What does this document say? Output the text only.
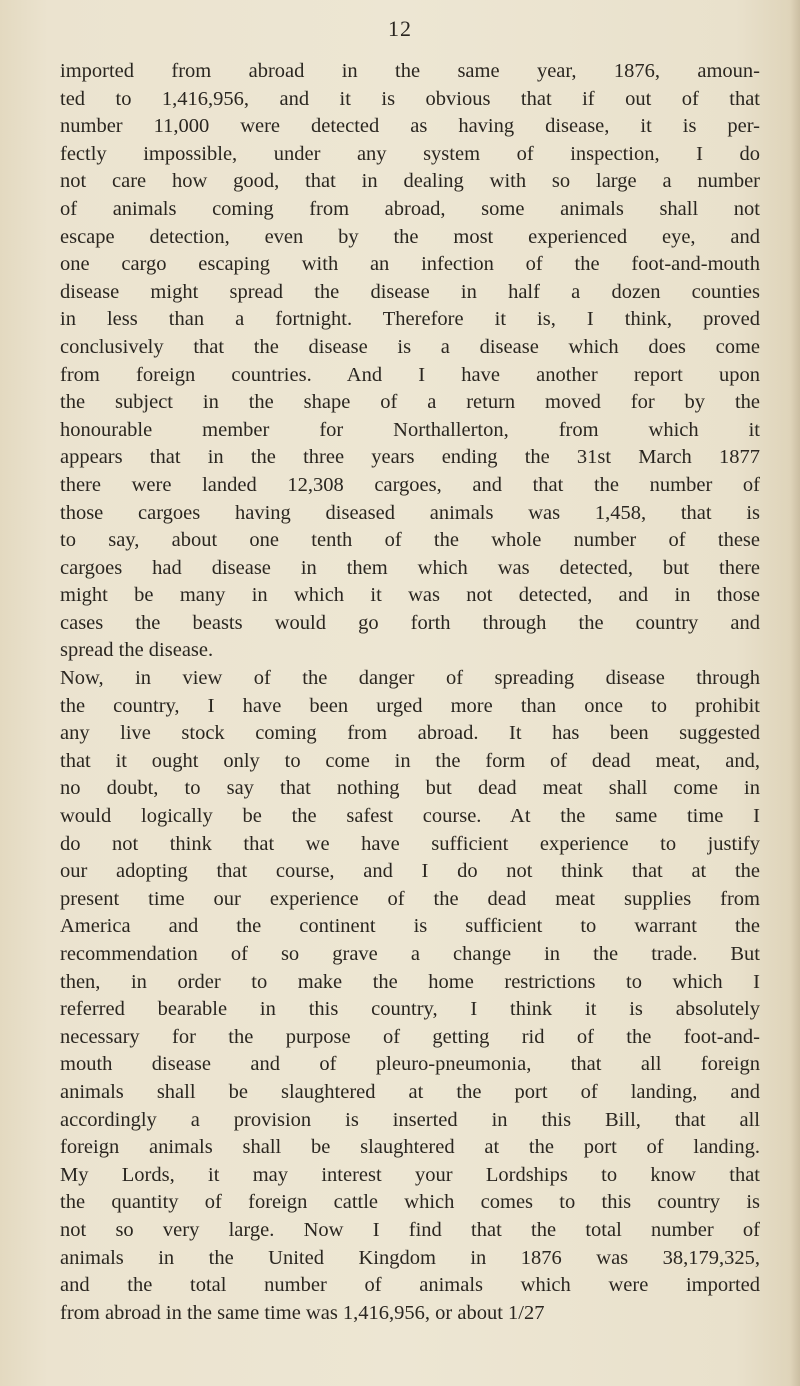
12
imported from abroad in the same year, 1876, amoun-
ted to 1,416,956, and it is obvious that if out of that
number 11,000 were detected as having disease, it is per-
fectly impossible, under any system of inspection, I do
not care how good, that in dealing with so large a number
of animals coming from abroad, some animals shall not
escape detection, even by the most experienced eye, and
one cargo escaping with an infection of the foot-and-mouth
disease might spread the disease in half a dozen counties
in less than a fortnight. Therefore it is, I think, proved
conclusively that the disease is a disease which does come
from foreign countries. And I have another report upon
the subject in the shape of a return moved for by the
honourable member for Northallerton, from which it
appears that in the three years ending the 31st March 1877
there were landed 12,308 cargoes, and that the number of
those cargoes having diseased animals was 1,458, that is
to say, about one tenth of the whole number of these
cargoes had disease in them which was detected, but there
might be many in which it was not detected, and in those
cases the beasts would go forth through the country and
spread the disease.
Now, in view of the danger of spreading disease through
the country, I have been urged more than once to prohibit
any live stock coming from abroad. It has been suggested
that it ought only to come in the form of dead meat, and,
no doubt, to say that nothing but dead meat shall come in
would logically be the safest course. At the same time I
do not think that we have sufficient experience to justify
our adopting that course, and I do not think that at the
present time our experience of the dead meat supplies from
America and the continent is sufficient to warrant the
recommendation of so grave a change in the trade. But
then, in order to make the home restrictions to which I
referred bearable in this country, I think it is absolutely
necessary for the purpose of getting rid of the foot-and-
mouth disease and of pleuro-pneumonia, that all foreign
animals shall be slaughtered at the port of landing, and
accordingly a provision is inserted in this Bill, that all
foreign animals shall be slaughtered at the port of landing.
My Lords, it may interest your Lordships to know that
the quantity of foreign cattle which comes to this country is
not so very large. Now I find that the total number of
animals in the United Kingdom in 1876 was 38,179,325,
and the total number of animals which were imported
from abroad in the same time was 1,416,956, or about 1/27
